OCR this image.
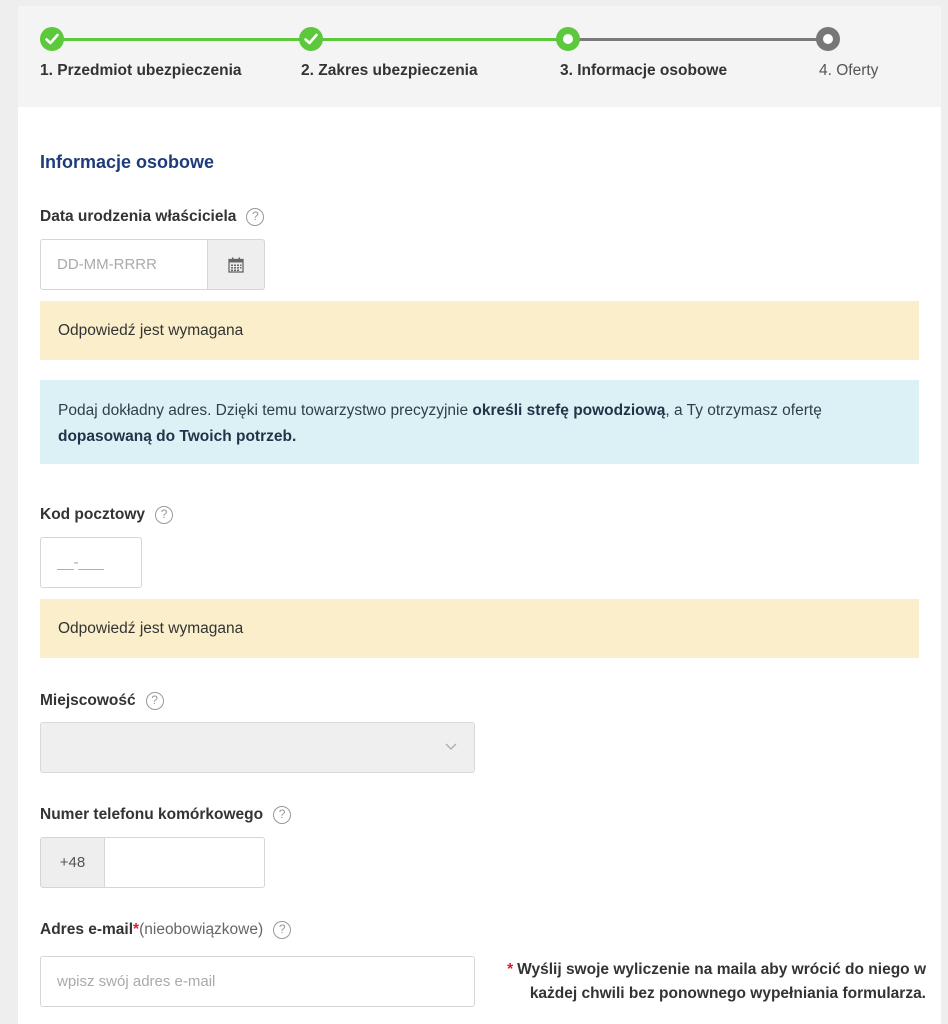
1. Przedmiot ubezpieczenia	2. Zakres ubezpieczenia	3. Informacje osobowe	4. Oferty
Informacje osobowe
Data urodzenia właściciela	?
DD-MM-RRRR
Odpowiedź jest wymagana
Podaj dokładny adres. Dzięki temu towarzystwo precyzyjnie określi strefę powodziową, a Ty otrzymasz ofertę
dopasowaną do Twoich potrzeb.
Kod pocztowy	?
__-___
Odpowiedź jest wymagana
Miejscowość	?
Numer telefonu komórkowego	?
+48
Adres e-mail * (nieobowiązkowe)	?
wpisz swój adres e-mail
* Wyślij swoje wyliczenie na maila aby wrócić do niego w każdej chwili bez ponownego wypełniania formularza.
